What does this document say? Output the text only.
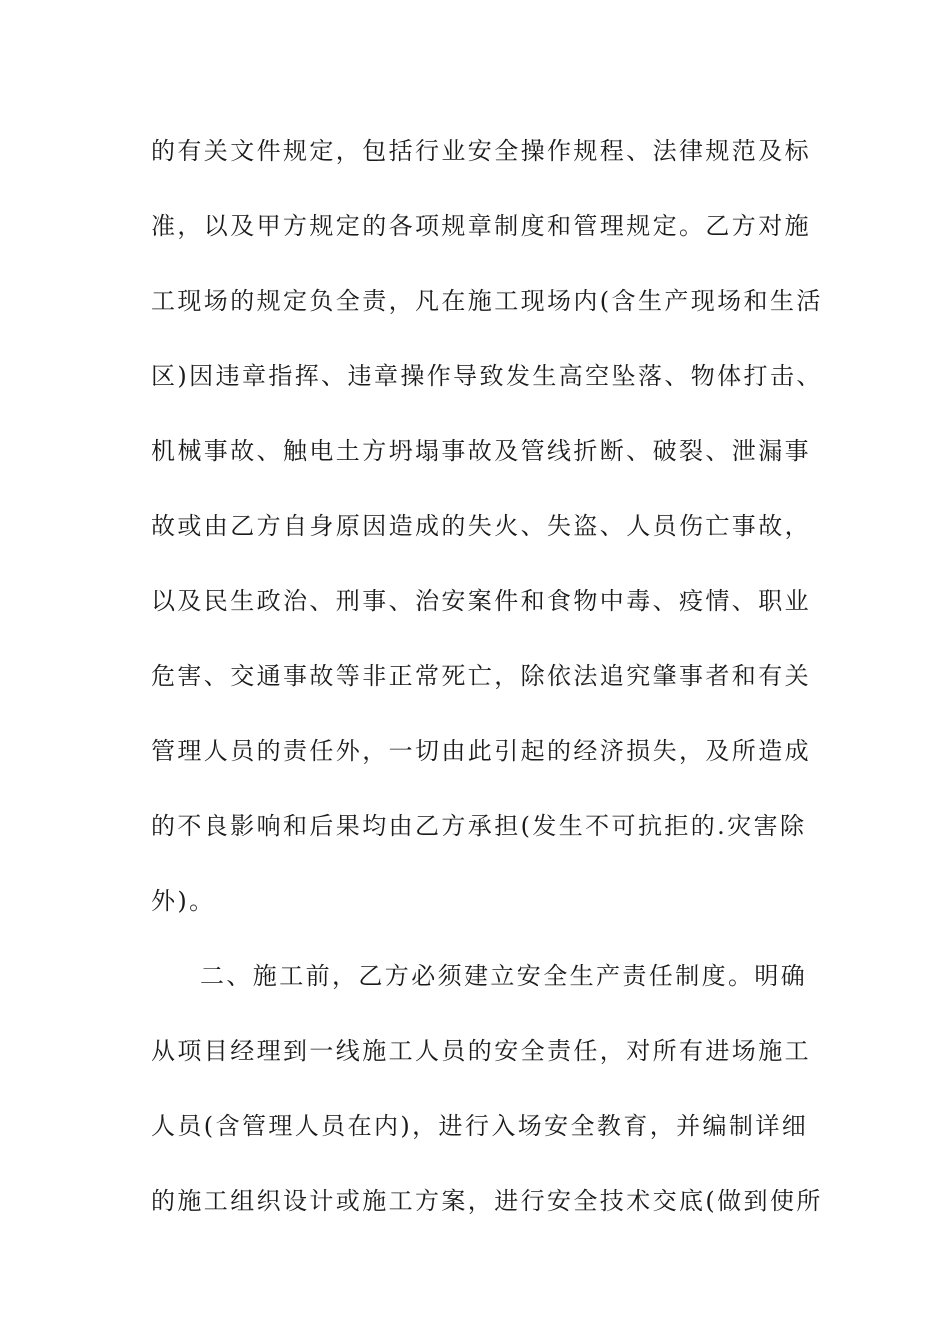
的有关文件规定，包括行业安全操作规程、法律规范及标
准，以及甲方规定的各项规章制度和管理规定。乙方对施
工现场的规定负全责，凡在施工现场内(含生产现场和生活
区)因违章指挥、违章操作导致发生高空坠落、物体打击、
机械事故、触电土方坍塌事故及管线折断、破裂、泄漏事
故或由乙方自身原因造成的失火、失盗、人员伤亡事故，
以及民生政治、刑事、治安案件和食物中毒、疫情、职业
危害、交通事故等非正常死亡，除依法追究肇事者和有关
管理人员的责任外，一切由此引起的经济损失，及所造成
的不良影响和后果均由乙方承担(发生不可抗拒的.灾害除
外)。
二、施工前，乙方必须建立安全生产责任制度。明确
从项目经理到一线施工人员的安全责任，对所有进场施工
人员(含管理人员在内)，进行入场安全教育，并编制详细
的施工组织设计或施工方案，进行安全技术交底(做到使所
